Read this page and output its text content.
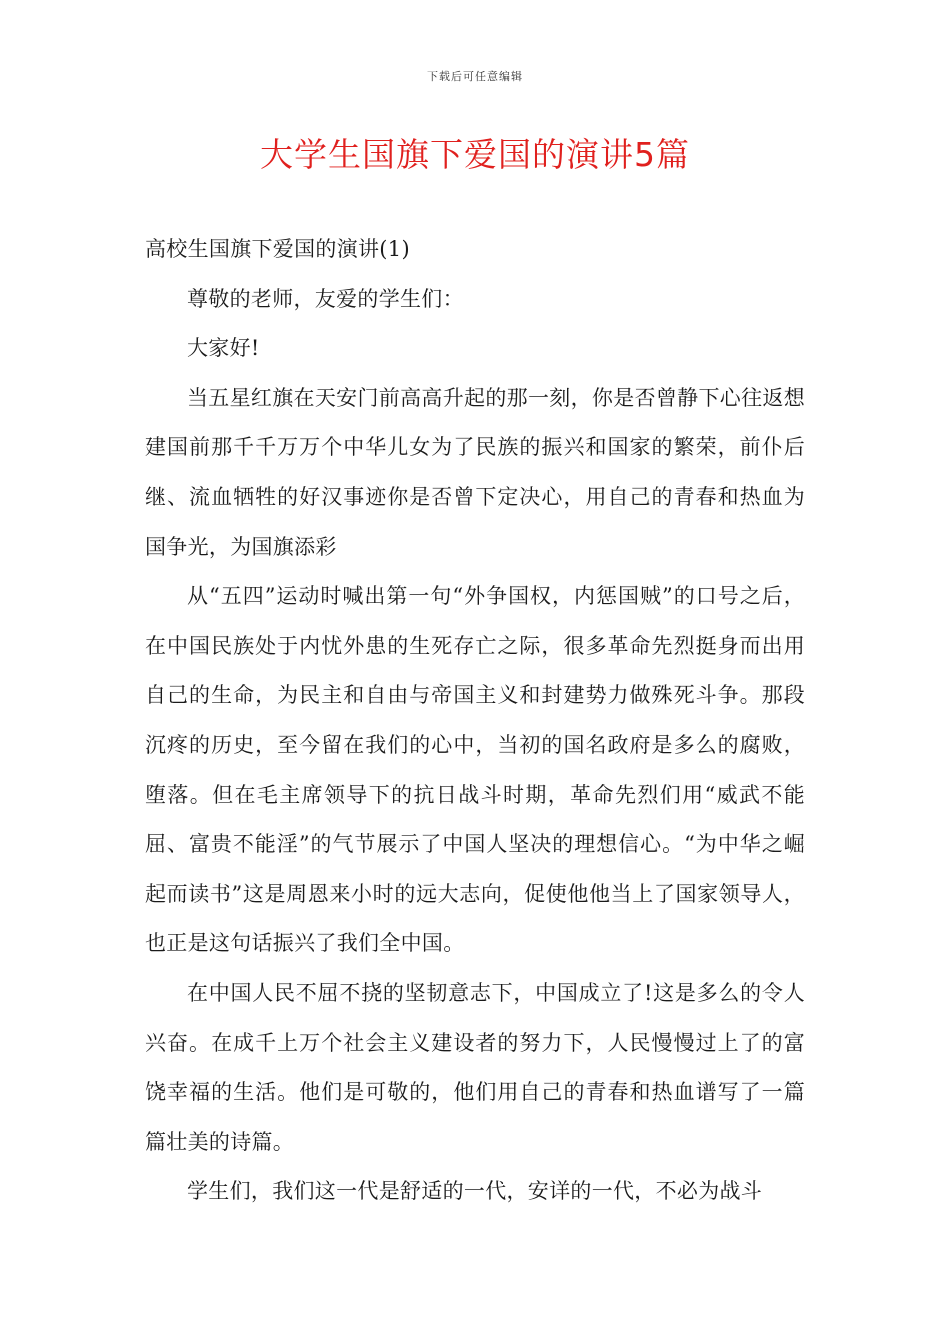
下载后可任意编辑
大学生国旗下爱国的演讲5篇

高校生国旗下爱国的演讲(1)

尊敬的老师，友爱的学生们：

大家好!

当五星红旗在天安门前高高升起的那一刻，你是否曾静下心往返想建国前那千千万万个中华儿女为了民族的振兴和国家的繁荣，前仆后继、流血牺牲的好汉事迹你是否曾下定决心，用自己的青春和热血为国争光，为国旗添彩

从“五四”运动时喊出第一句“外争国权，内惩国贼”的口号之后，在中国民族处于内忧外患的生死存亡之际，很多革命先烈挺身而出用自己的生命，为民主和自由与帝国主义和封建势力做殊死斗争。那段沉疼的历史，至今留在我们的心中，当初的国名政府是多么的腐败，堕落。但在毛主席领导下的抗日战斗时期，革命先烈们用“威武不能屈、富贵不能淫”的气节展示了中国人坚决的理想信心。“为中华之崛起而读书”这是周恩来小时的远大志向，促使他他当上了国家领导人，也正是这句话振兴了我们全中国。

在中国人民不屈不挠的坚韧意志下，中国成立了!这是多么的令人兴奋。在成千上万个社会主义建设者的努力下，人民慢慢过上了的富饶幸福的生活。他们是可敬的，他们用自己的青春和热血谱写了一篇篇壮美的诗篇。

学生们，我们这一代是舒适的一代，安详的一代，不必为战斗
